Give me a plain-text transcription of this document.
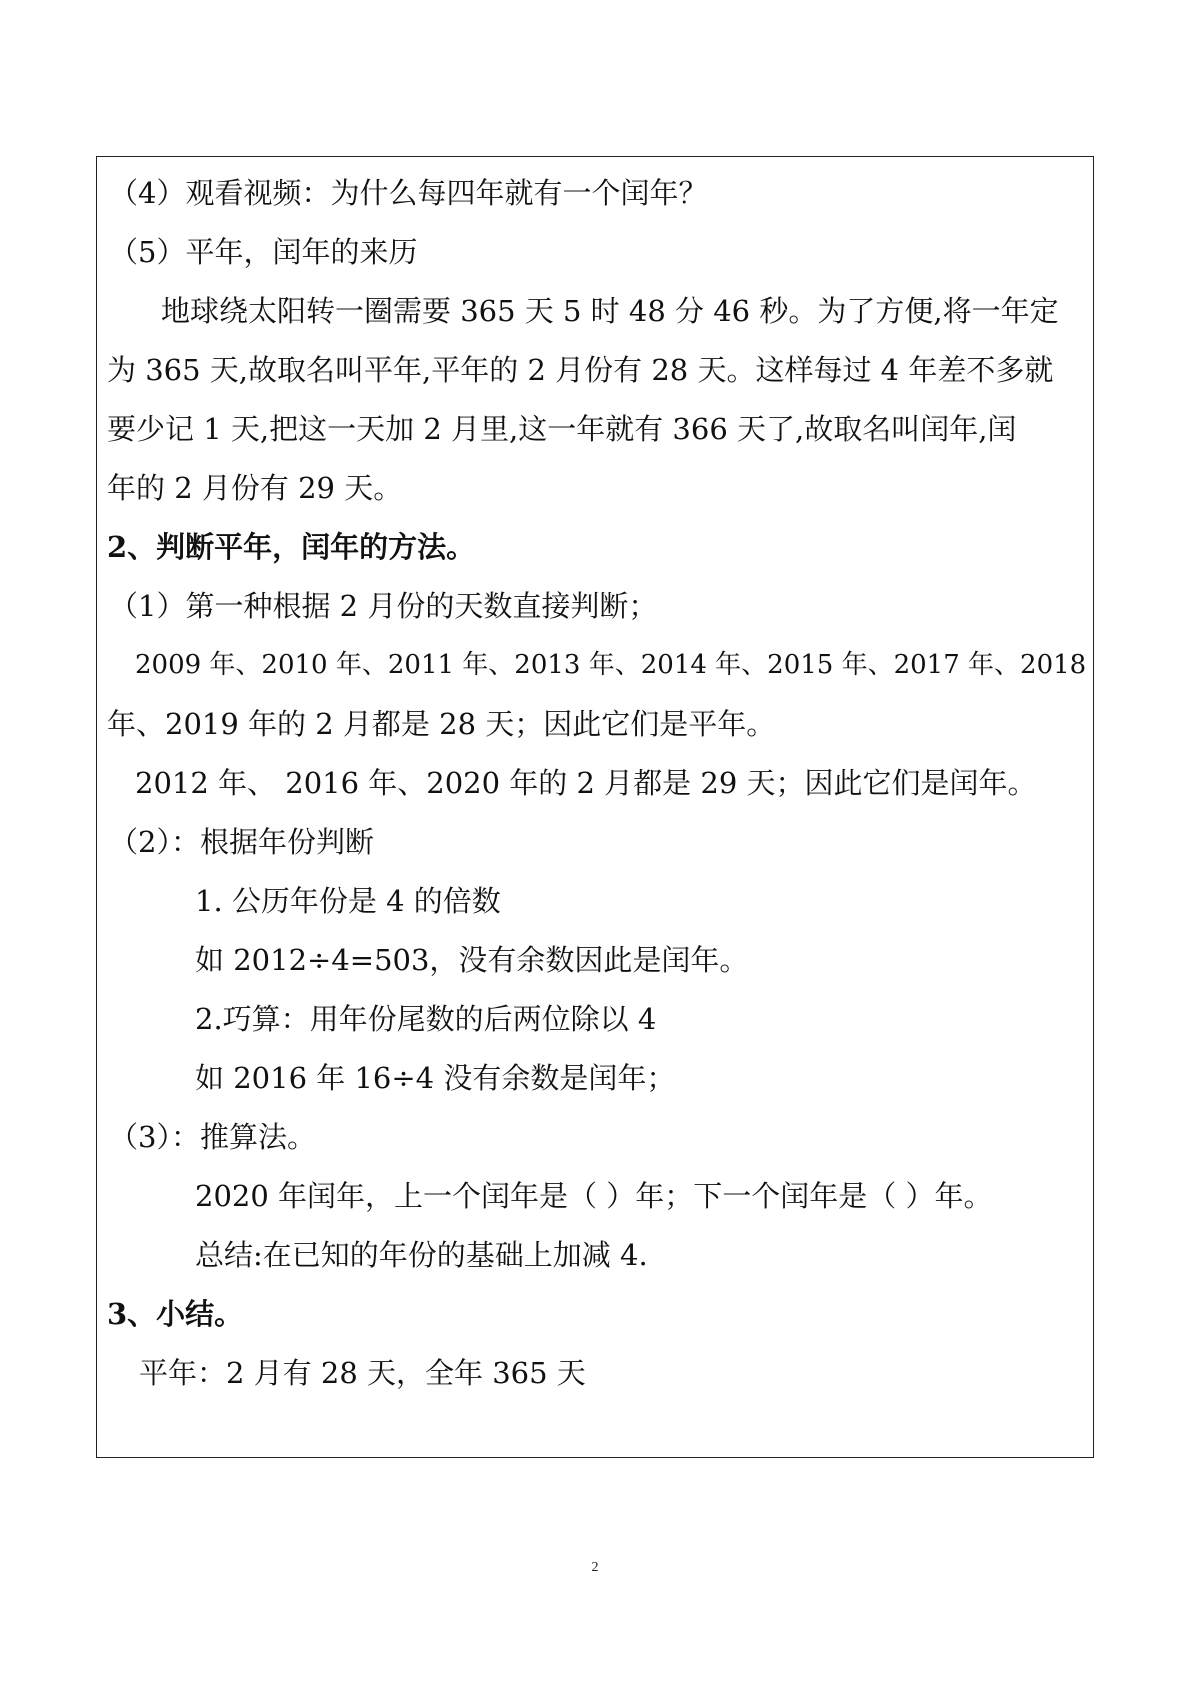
（4）观看视频：为什么每四年就有一个闰年？
（5）平年，闰年的来历
地球绕太阳转一圈需要 365 天 5 时 48 分 46 秒。为了方便,将一年定
为 365 天,故取名叫平年,平年的 2 月份有 28 天。这样每过 4 年差不多就
要少记 1 天,把这一天加 2 月里,这一年就有 366 天了,故取名叫闰年,闰
年的 2 月份有 29 天。
2、判断平年，闰年的方法。
（1）第一种根据 2 月份的天数直接判断；
2009 年、2010 年、2011 年、2013 年、2014 年、2015 年、2017 年、2018
年、2019 年的 2 月都是 28 天；因此它们是平年。
2012 年、 2016 年、2020 年的 2 月都是 29 天；因此它们是闰年。
（2）：根据年份判断
1. 公历年份是 4 的倍数
如 2012÷4=503，没有余数因此是闰年。
2.巧算：用年份尾数的后两位除以 4
如 2016 年 16÷4 没有余数是闰年；
（3）：推算法。
2020 年闰年，上一个闰年是（ ）年；下一个闰年是（ ）年。
总结:在已知的年份的基础上加减 4.
3、小结。
平年：2 月有 28 天，全年 365 天
2
